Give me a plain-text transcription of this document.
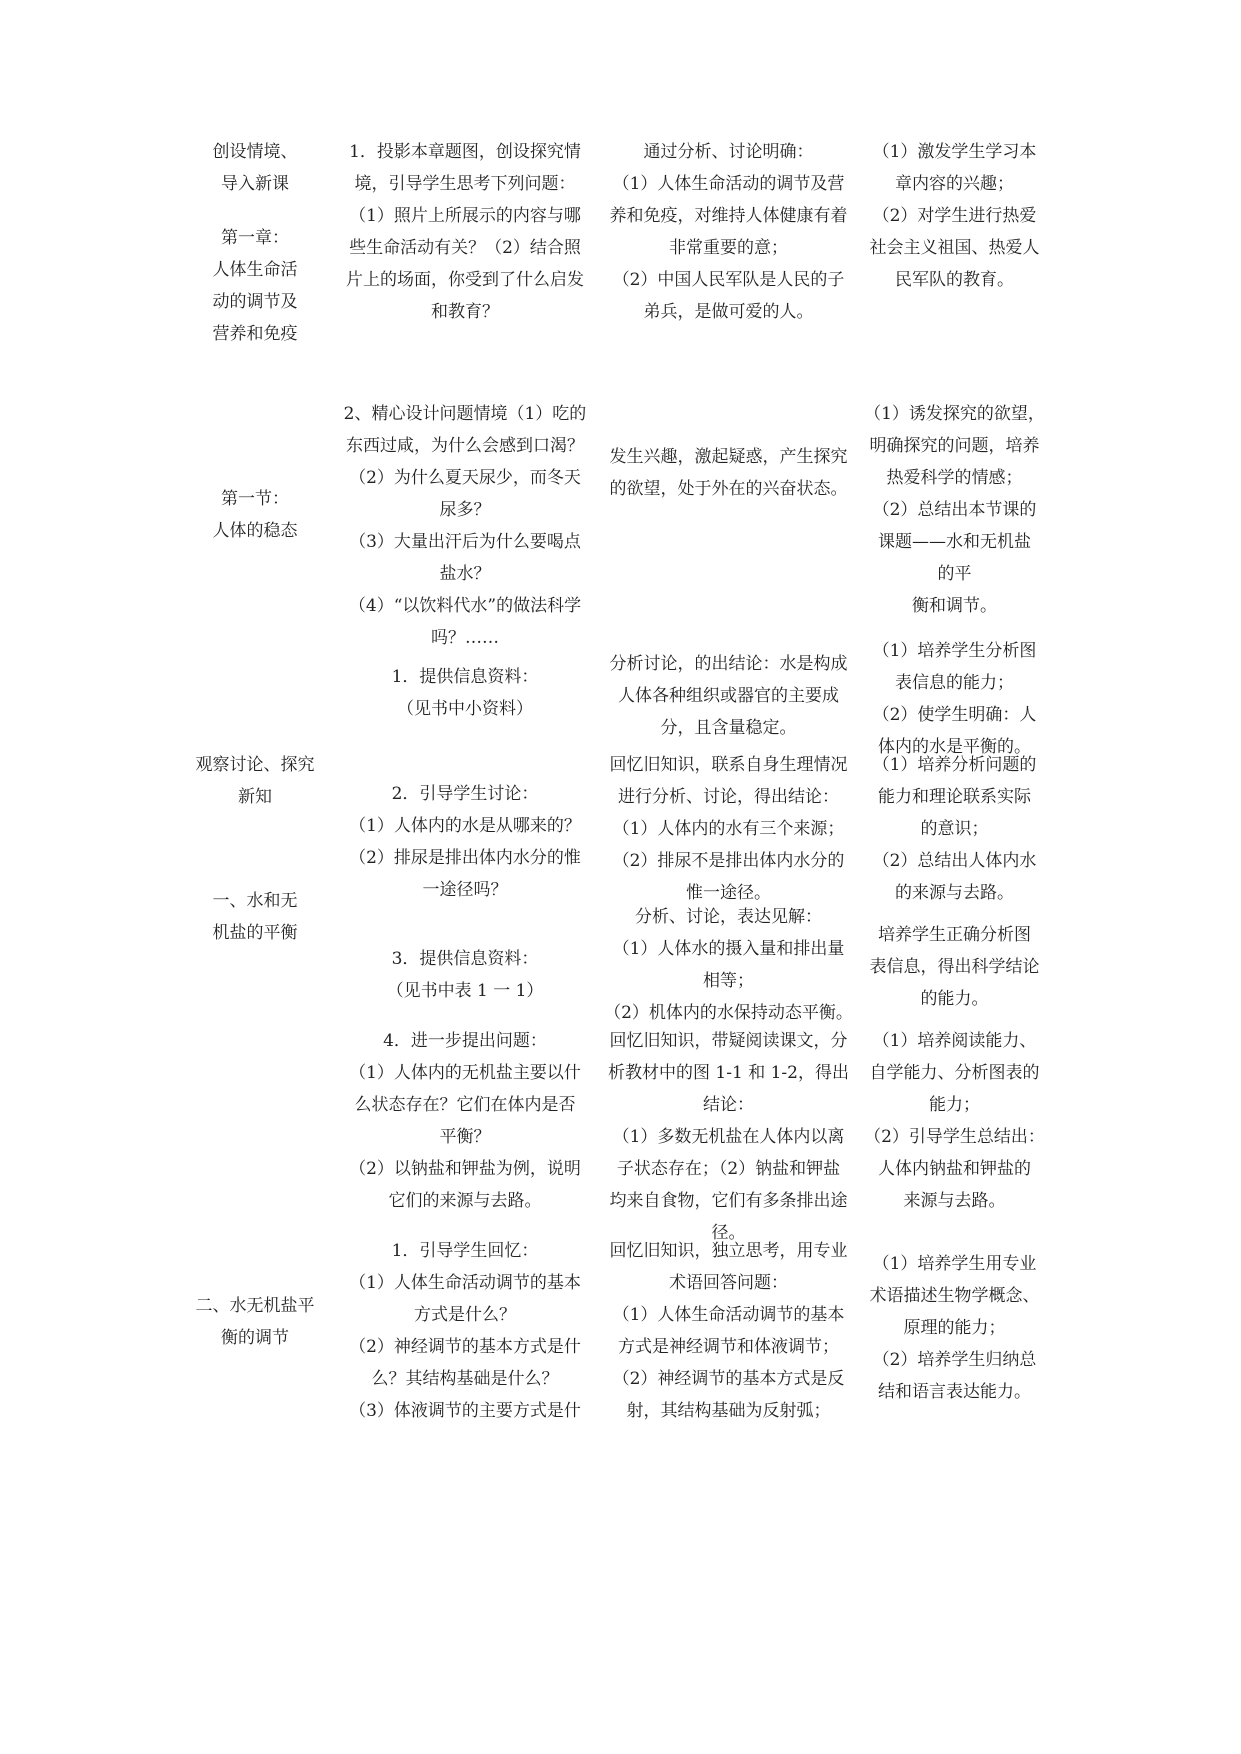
创设情境、
导入新课
第一章：
人体生命活
动的调节及
营养和免疫
第一节：
人体的稳态
观察讨论、探究
新知
一、水和无
机盐的平衡
二、水无机盐平
衡的调节
1．投影本章题图，创设探究情
境，引导学生思考下列问题：
（1）照片上所展示的内容与哪
些生命活动有关？（2）结合照
片上的场面，你受到了什么启发
和教育？
2、精心设计问题情境（1）吃的
东西过咸，为什么会感到口渴？
（2）为什么夏天尿少，而冬天
尿多？
（3）大量出汗后为什么要喝点
盐水？
（4）“以饮料代水”的做法科学
吗？……
1．提供信息资料：
（见书中小资料）
2．引导学生讨论：
（1）人体内的水是从哪来的？
（2）排尿是排出体内水分的惟
一途径吗？
3．提供信息资料：
（见书中表 1 一 1）
4．进一步提出问题：
（1）人体内的无机盐主要以什
么状态存在？它们在体内是否
平衡？
（2）以钠盐和钾盐为例，说明
它们的来源与去路。
1．引导学生回忆：
（1）人体生命活动调节的基本
方式是什么？
（2）神经调节的基本方式是什
么？其结构基础是什么？
（3）体液调节的主要方式是什
通过分析、讨论明确：
（1）人体生命活动的调节及营
养和免疫，对维持人体健康有着
非常重要的意；
（2）中国人民军队是人民的子
弟兵，是做可爱的人。
发生兴趣，激起疑惑，产生探究
的欲望，处于外在的兴奋状态。
分析讨论，的出结论：水是构成
人体各种组织或器官的主要成
分，且含量稳定。
回忆旧知识，联系自身生理情况
进行分析、讨论，得出结论：
（1）人体内的水有三个来源；
（2）排尿不是排出体内水分的
惟一途径。
分析、讨论，表达见解：
（1）人体水的摄入量和排出量
相等；
（2）机体内的水保持动态平衡。
回忆旧知识，带疑阅读课文，分
析教材中的图 1-1 和 1-2，得出
结论：
（1）多数无机盐在人体内以离
子状态存在；（2）钠盐和钾盐
均来自食物，它们有多条排出途
径。
回忆旧知识，独立思考，用专业
术语回答问题：
（1）人体生命活动调节的基本
方式是神经调节和体液调节；
（2）神经调节的基本方式是反
射，其结构基础为反射弧；
（1）激发学生学习本
章内容的兴趣；
（2）对学生进行热爱
社会主义祖国、热爱人
民军队的教育。
（1）诱发探究的欲望，
明确探究的问题，培养
热爱科学的情感；
（2）总结出本节课的
课题——水和无机盐
的平
衡和调节。
（1）培养学生分析图
表信息的能力；
（2）使学生明确：人
体内的水是平衡的。
（1）培养分析问题的
能力和理论联系实际
的意识；
（2）总结出人体内水
的来源与去路。
培养学生正确分析图
表信息，得出科学结论
的能力。
（1）培养阅读能力、
自学能力、分析图表的
能力；
（2）引导学生总结出：
人体内钠盐和钾盐的
来源与去路。
（1）培养学生用专业
术语描述生物学概念、
原理的能力；
（2）培养学生归纳总
结和语言表达能力。
